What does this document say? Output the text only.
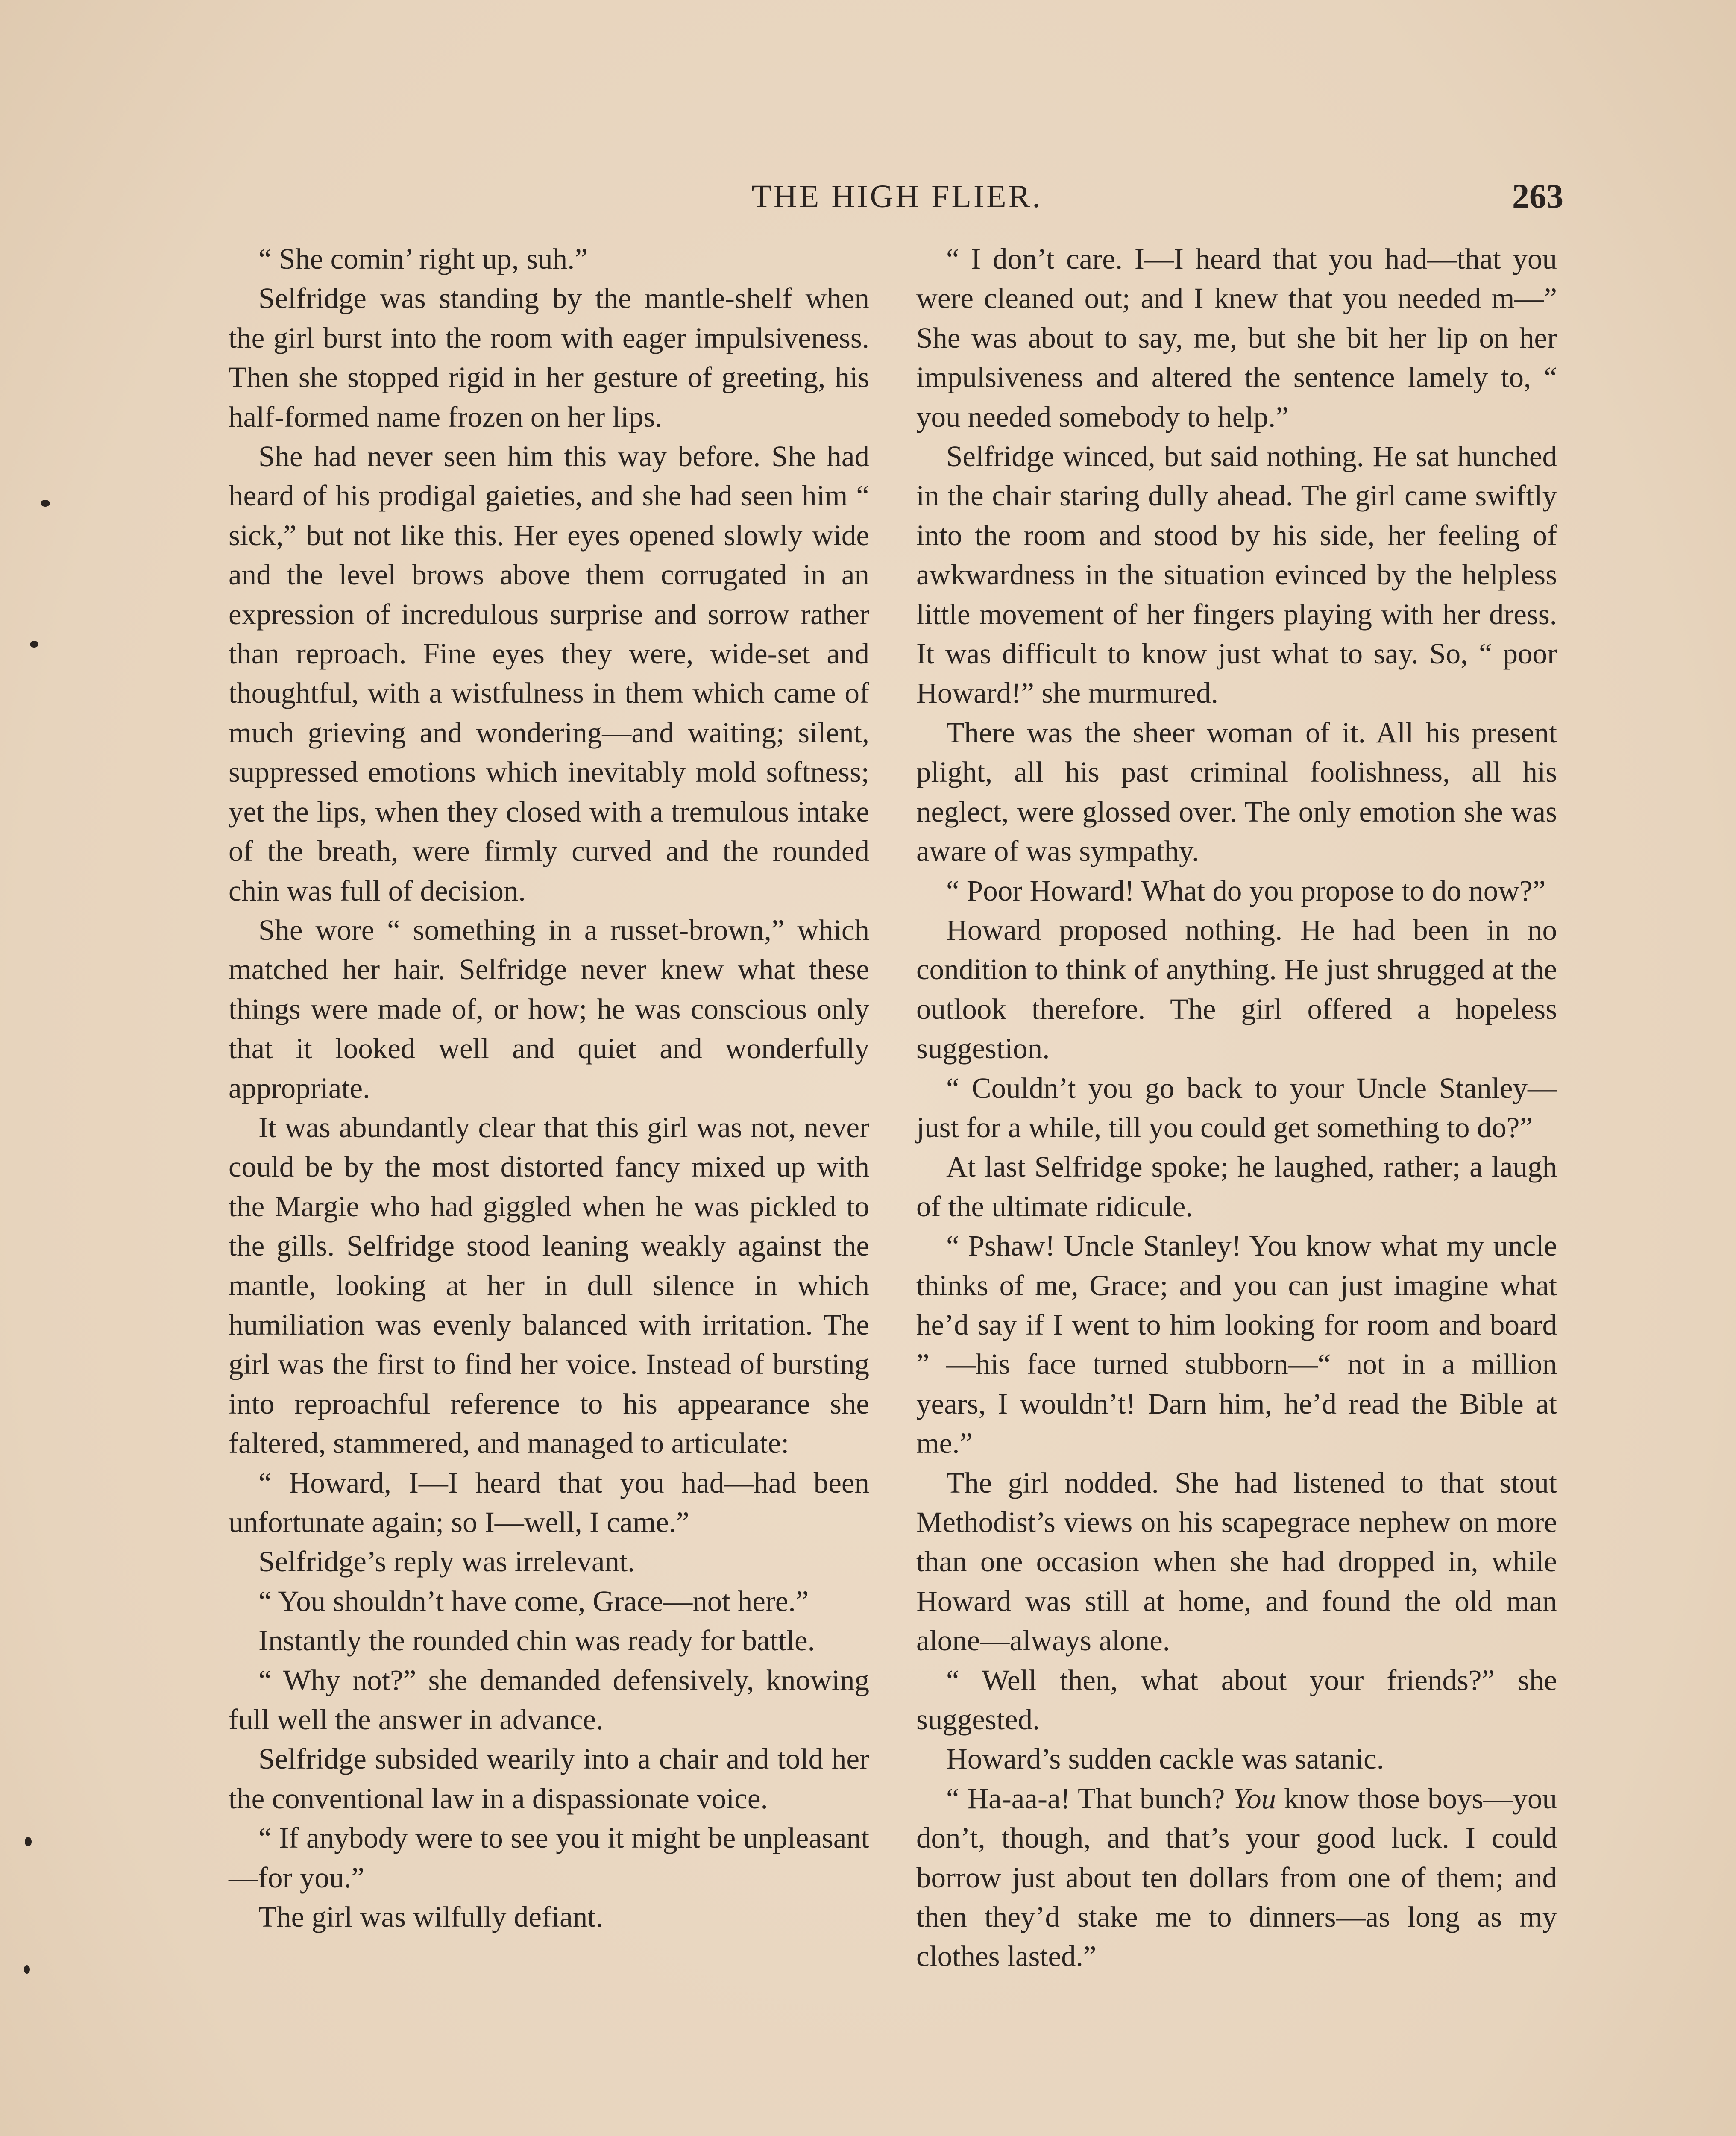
THE HIGH FLIER.	263

“ She comin’ right up, suh.”

Selfridge was standing by the mantle-shelf when the girl burst into the room with eager impulsiveness. Then she stopped rigid in her gesture of greeting, his half-formed name frozen on her lips.

She had never seen him this way before. She had heard of his prodigal gaieties, and she had seen him “ sick,” but not like this. Her eyes opened slowly wide and the level brows above them corrugated in an expression of incredulous surprise and sorrow rather than reproach. Fine eyes they were, wide-set and thoughtful, with a wistfulness in them which came of much grieving and wondering—and waiting; silent, suppressed emotions which inevitably mold softness; yet the lips, when they closed with a tremulous intake of the breath, were firmly curved and the rounded chin was full of decision.

She wore “ something in a russet-brown,” which matched her hair. Selfridge never knew what these things were made of, or how; he was conscious only that it looked well and quiet and wonderfully appropriate.

It was abundantly clear that this girl was not, never could be by the most distorted fancy mixed up with the Margie who had giggled when he was pickled to the gills. Selfridge stood leaning weakly against the mantle, looking at her in dull silence in which humiliation was evenly balanced with irritation. The girl was the first to find her voice. Instead of bursting into reproachful reference to his appearance she faltered, stammered, and managed to articulate:

“ Howard, I—I heard that you had—had been unfortunate again; so I—well, I came.”

Selfridge’s reply was irrelevant.

“ You shouldn’t have come, Grace—not here.”

Instantly the rounded chin was ready for battle.

“ Why not?” she demanded defensively, knowing full well the answer in advance.

Selfridge subsided wearily into a chair and told her the conventional law in a dispassionate voice.

“ If anybody were to see you it might be unpleasant—for you.”

The girl was wilfully defiant.

“ I don’t care. I—I heard that you had—that you were cleaned out; and I knew that you needed m—” She was about to say, me, but she bit her lip on her impulsiveness and altered the sentence lamely to, “ you needed somebody to help.”

Selfridge winced, but said nothing. He sat hunched in the chair staring dully ahead. The girl came swiftly into the room and stood by his side, her feeling of awkwardness in the situation evinced by the helpless little movement of her fingers playing with her dress. It was difficult to know just what to say. So, “ poor Howard!” she murmured.

There was the sheer woman of it. All his present plight, all his past criminal foolishness, all his neglect, were glossed over. The only emotion she was aware of was sympathy.

“ Poor Howard! What do you propose to do now?”

Howard proposed nothing. He had been in no condition to think of anything. He just shrugged at the outlook therefore. The girl offered a hopeless suggestion.

“ Couldn’t you go back to your Uncle Stanley—just for a while, till you could get something to do?”

At last Selfridge spoke; he laughed, rather; a laugh of the ultimate ridicule.

“ Pshaw! Uncle Stanley! You know what my uncle thinks of me, Grace; and you can just imagine what he’d say if I went to him looking for room and board ” —his face turned stubborn—“ not in a million years, I wouldn’t! Darn him, he’d read the Bible at me.”

The girl nodded. She had listened to that stout Methodist’s views on his scapegrace nephew on more than one occasion when she had dropped in, while Howard was still at home, and found the old man alone—always alone.

“ Well then, what about your friends?” she suggested.

Howard’s sudden cackle was satanic.

“ Ha-aa-a! That bunch? You know those boys—you don’t, though, and that’s your good luck. I could borrow just about ten dollars from one of them; and then they’d stake me to dinners—as long as my clothes lasted.”
